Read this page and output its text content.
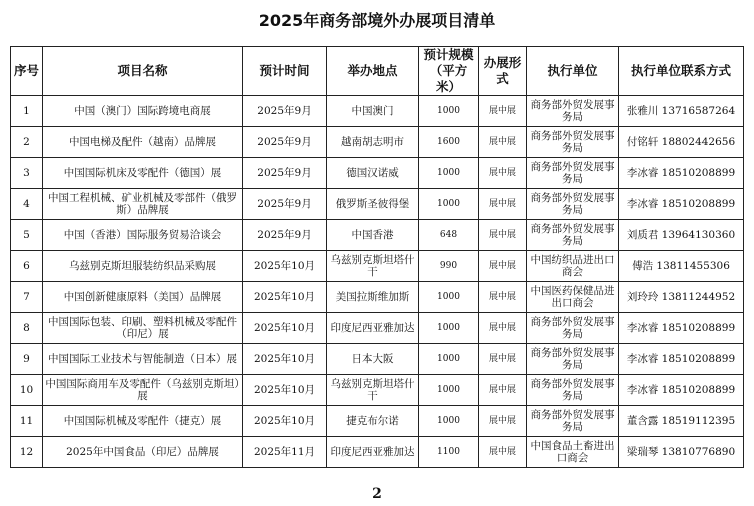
2025年商务部境外办展项目清单
序号	项目名称	预计时间	举办地点	预计规模（平方米）	办展形式	执行单位	执行单位联系方式
1	中国（澳门）国际跨境电商展	2025年9月	中国澳门	1000	展中展	商务部外贸发展事务局	张雅川 13716587264
2	中国电梯及配件（越南）品牌展	2025年9月	越南胡志明市	1600	展中展	商务部外贸发展事务局	付铭轩 18802442656
3	中国国际机床及零配件（德国）展	2025年9月	德国汉诺威	1000	展中展	商务部外贸发展事务局	李冰睿 18510208899
4	中国工程机械、矿业机械及零部件（俄罗斯）品牌展	2025年9月	俄罗斯圣彼得堡	1000	展中展	商务部外贸发展事务局	李冰睿 18510208899
5	中国（香港）国际服务贸易洽谈会	2025年9月	中国香港	648	展中展	商务部外贸发展事务局	刘质君 13964130360
6	乌兹别克斯坦服装纺织品采购展	2025年10月	乌兹别克斯坦塔什干	990	展中展	中国纺织品进出口商会	傅浩 13811455306
7	中国创新健康原料（美国）品牌展	2025年10月	美国拉斯维加斯	1000	展中展	中国医药保健品进出口商会	刘玲玲 13811244952
8	中国国际包装、印刷、塑料机械及零配件（印尼）展	2025年10月	印度尼西亚雅加达	1000	展中展	商务部外贸发展事务局	李冰睿 18510208899
9	中国国际工业技术与智能制造（日本）展	2025年10月	日本大阪	1000	展中展	商务部外贸发展事务局	李冰睿 18510208899
10	中国国际商用车及零配件（乌兹别克斯坦）展	2025年10月	乌兹别克斯坦塔什干	1000	展中展	商务部外贸发展事务局	李冰睿 18510208899
11	中国国际机械及零配件（捷克）展	2025年10月	捷克布尔诺	1000	展中展	商务部外贸发展事务局	董含露 18519112395
12	2025年中国食品（印尼）品牌展	2025年11月	印度尼西亚雅加达	1100	展中展	中国食品土畜进出口商会	梁瑞琴 13810776890
2
